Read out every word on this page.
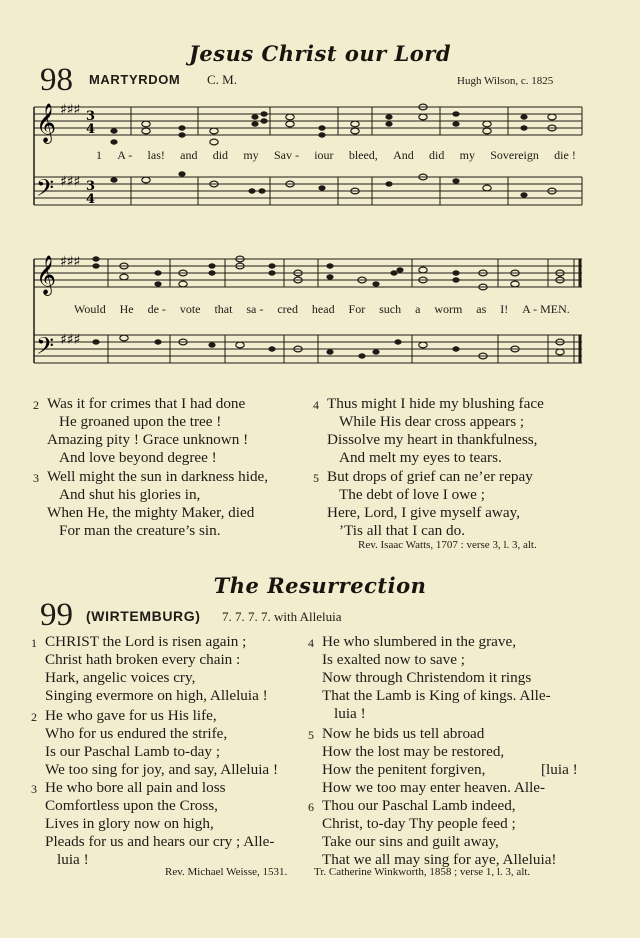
Jesus Christ our Lord
98 MARTYRDOM C. M.	Hugh Wilson, c. 1825
𝄞
𝄢
𝄞
𝄢
♯♯♯
♯♯♯
♯♯♯
♯♯♯
3
4
3
4
1 A - las! and did my Sav - iour bleed, And did my Sovereign die !
Would He de - vote that sa - cred head For such a worm as I! A - MEN.
2 Was it for crimes that I had done
He groaned upon the tree !
Amazing pity ! Grace unknown !
And love beyond degree !
3 Well might the sun in darkness hide,
And shut his glories in,
When He, the mighty Maker, died
For man the creature’s sin.
4 Thus might I hide my blushing face
While His dear cross appears ;
Dissolve my heart in thankfulness,
And melt my eyes to tears.
5 But drops of grief can ne’er repay
The debt of love I owe ;
Here, Lord, I give myself away,
’Tis all that I can do.
Rev. Isaac Watts, 1707 : verse 3, l. 3, alt.
The Resurrection
99 (WIRTEMBURG) 7. 7. 7. 7. with Alleluia
1 CHRIST the Lord is risen again ;
Christ hath broken every chain :
Hark, angelic voices cry,
Singing evermore on high, Alleluia !
2 He who gave for us His life,
Who for us endured the strife,
Is our Paschal Lamb to-day ;
We too sing for joy, and say, Alleluia !
3 He who bore all pain and loss
Comfortless upon the Cross,
Lives in glory now on high,
Pleads for us and hears our cry ; Alle-
luia !
4 He who slumbered in the grave,
Is exalted now to save ;
Now through Christendom it rings
That the Lamb is King of kings. Alle-
luia !
5 Now he bids us tell abroad
How the lost may be restored,
How the penitent forgiven,	[luia !
How we too may enter heaven. Alle-
6 Thou our Paschal Lamb indeed,
Christ, to-day Thy people feed ;
Take our sins and guilt away,
That we all may sing for aye, Alleluia!
Rev. Michael Weisse, 1531. Tr. Catherine Winkworth, 1858 ; verse 1, l. 3, alt.
